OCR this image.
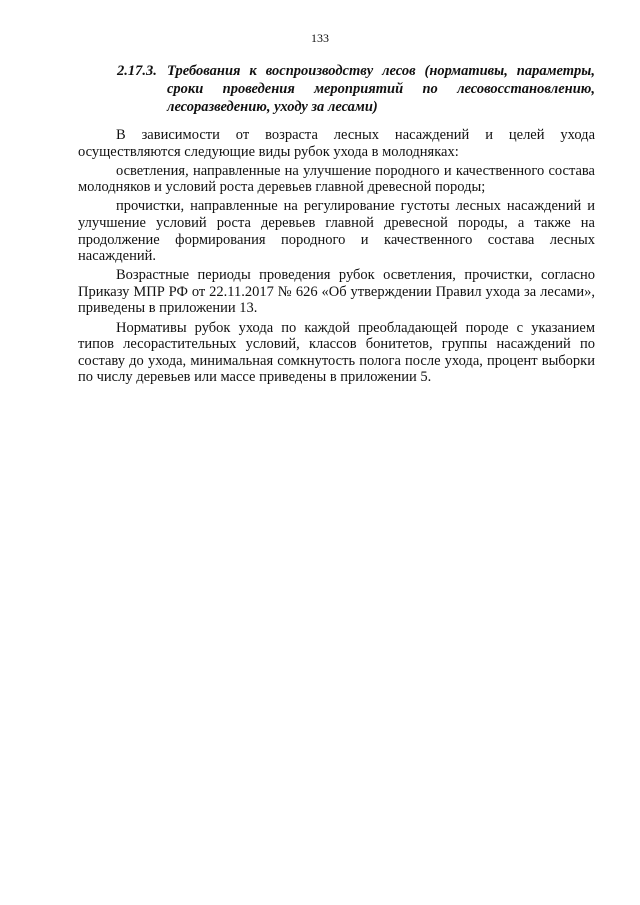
133
2.17.3. Требования к воспроизводству лесов (нормативы, параметры, сроки проведения мероприятий по лесовосстановлению, лесоразведению, уходу за лесами)

В зависимости от возраста лесных насаждений и целей ухода осуществляются следующие виды рубок ухода в молодняках:

осветления, направленные на улучшение породного и качественного состава молодняков и условий роста деревьев главной древесной породы;

прочистки, направленные на регулирование густоты лесных насаждений и улучшение условий роста деревьев главной древесной породы, а также на продолжение формирования породного и качественного состава лесных насаждений.

Возрастные периоды проведения рубок осветления, прочистки, согласно Приказу МПР РФ от 22.11.2017 № 626 «Об утверждении Правил ухода за лесами», приведены в приложении 13.

Нормативы рубок ухода по каждой преобладающей породе с указанием типов лесорастительных условий, классов бонитетов, группы насаждений по составу до ухода, минимальная сомкнутость полога после ухода, процент выборки по числу деревьев или массе приведены в приложении 5.
